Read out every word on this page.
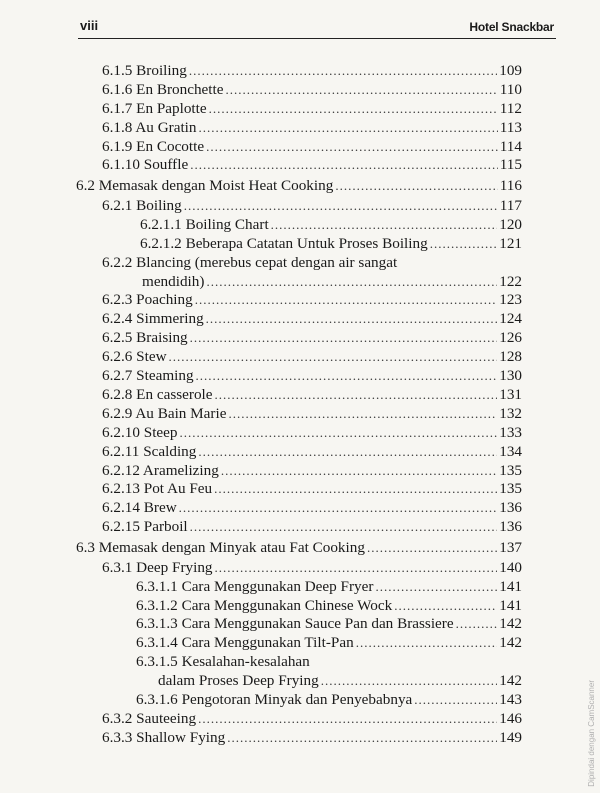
viii	Hotel Snackbar
6.1.5 Broiling .....	109
6.1.6 En Bronchette .....	110
6.1.7 En Paplotte .....	112
6.1.8 Au Gratin .....	113
6.1.9 En Cocotte .....	114
6.1.10 Souffle .....	115
6.2 Memasak dengan Moist Heat Cooking .....	116
6.2.1 Boiling .....	117
6.2.1.1 Boiling Chart .....	120
6.2.1.2 Beberapa Catatan Untuk Proses Boiling .....	121
6.2.2 Blancing (merebus cepat dengan air sangat
mendidih) .....	122
6.2.3 Poaching .....	123
6.2.4 Simmering .....	124
6.2.5 Braising .....	126
6.2.6 Stew .....	128
6.2.7 Steaming .....	130
6.2.8 En casserole .....	131
6.2.9 Au Bain Marie .....	132
6.2.10 Steep .....	133
6.2.11 Scalding .....	134
6.2.12 Aramelizing .....	135
6.2.13 Pot Au Feu .....	135
6.2.14 Brew .....	136
6.2.15 Parboil .....	136
6.3 Memasak dengan Minyak atau Fat Cooking .....	137
6.3.1 Deep Frying .....	140
6.3.1.1 Cara Menggunakan Deep Fryer .....	141
6.3.1.2 Cara Menggunakan Chinese Wock .....	141
6.3.1.3 Cara Menggunakan Sauce Pan dan Brassiere .....	142
6.3.1.4 Cara Menggunakan Tilt-Pan .....	142
6.3.1.5 Kesalahan-kesalahan
dalam Proses Deep Frying .....	142
6.3.1.6 Pengotoran Minyak dan Penyebabnya .....	143
6.3.2 Sauteeing .....	146
6.3.3 Shallow Fying .....	149	Dipindai dengan CamScanner
